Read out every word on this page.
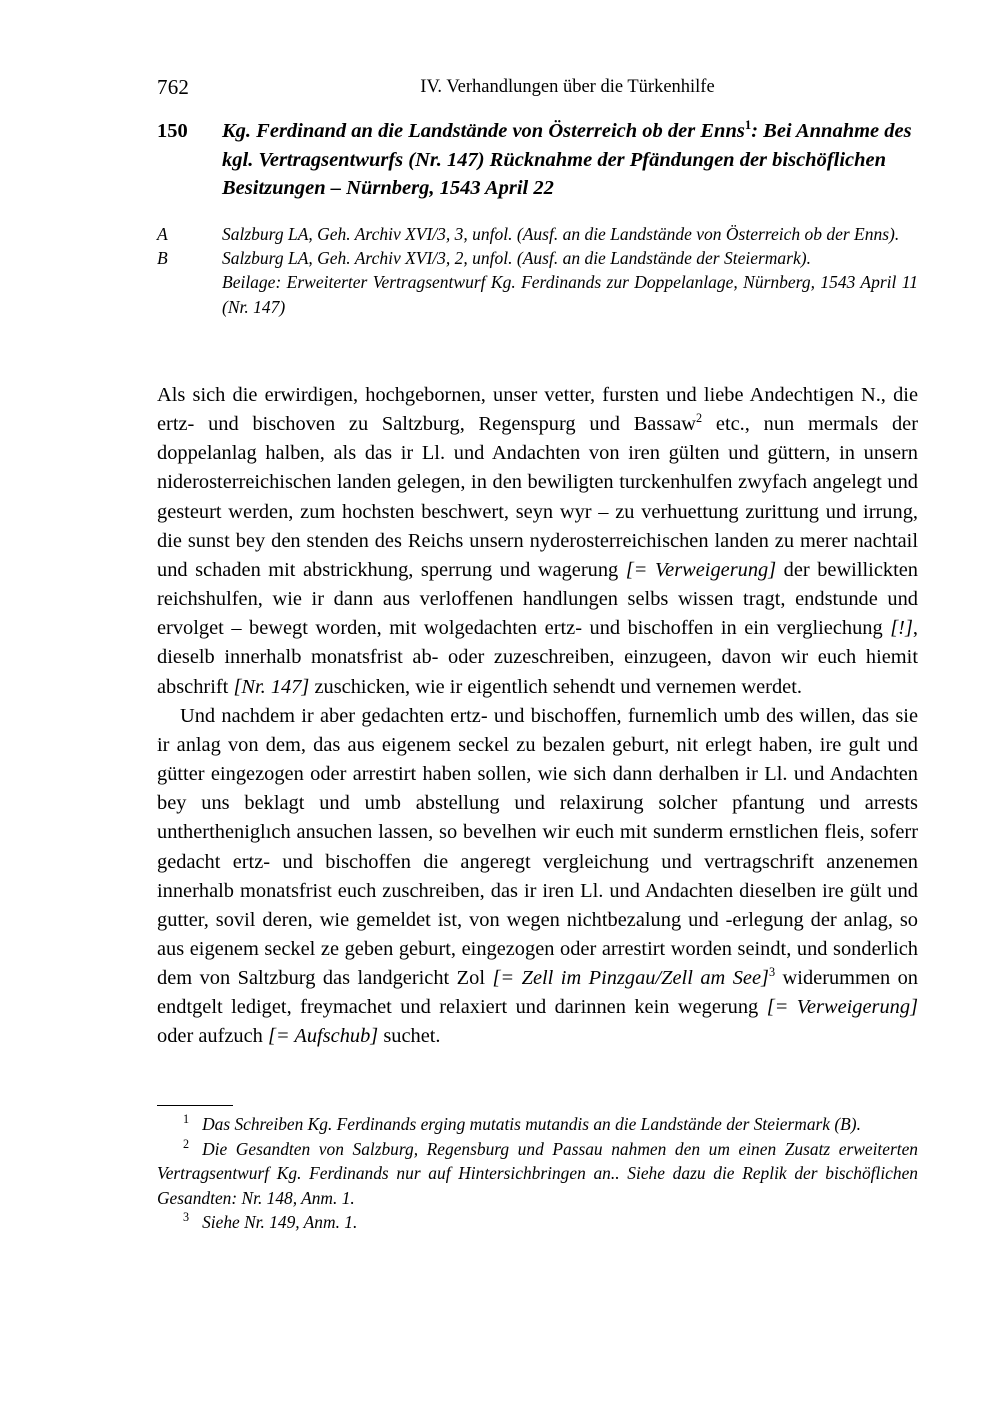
762	IV. Verhandlungen über die Türkenhilfe
150 Kg. Ferdinand an die Landstände von Österreich ob der Enns$^1$: Bei Annahme des kgl. Vertragsentwurfs (Nr. 147) Rücknahme der Pfändungen der bischöflichen Besitzungen – Nürnberg, 1543 April 22
A	Salzburg LA, Geh. Archiv XVI/3, 3, unfol. (Ausf. an die Landstände von Österreich ob der Enns).
B	Salzburg LA, Geh. Archiv XVI/3, 2, unfol. (Ausf. an die Landstände der Steiermark).
Beilage: Erweiterter Vertragsentwurf Kg. Ferdinands zur Doppelanlage, Nürnberg, 1543 April 11 (Nr. 147)

Als sich die erwirdigen, hochgebornen, unser vetter, fursten und liebe Andechtigen N., die ertz- und bischoven zu Saltzburg, Regenspurg und Bassaw$^2$ etc., nun mermals der doppelanlag halben, als das ir Ll. und Andachten von iren gülten und güttern, in unsern niderosterreichischen landen gelegen, in den bewiligten turckenhulfen zwyfach angelegt und gesteurt werden, zum hochsten beschwert, seyn wyr – zu verhuettung zurittung und irrung, die sunst bey den stenden des Reichs unsern nyderosterreichischen landen zu merer nachtail und schaden mit abstrickhung, sperrung und wagerung [= Verweigerung] der bewillickten reichshulfen, wie ir dann aus verloffenen handlungen selbs wissen tragt, endstunde und ervolget – bewegt worden, mit wolgedachten ertz- und bischoffen in ein vergliechung [!], dieselb innerhalb monatsfrist ab- oder zuzeschreiben, einzugeen, davon wir euch hiemit abschrift [Nr. 147] zuschicken, wie ir eigentlich sehendt und vernemen werdet.

Und nachdem ir aber gedachten ertz- und bischoffen, furnemlich umb des willen, das sie ir anlag von dem, das aus eigenem seckel zu bezalen geburt, nit erlegt haben, ire gult und gütter eingezogen oder arrestirt haben sollen, wie sich dann derhalben ir Ll. und Andachten bey uns beklagt und umb abstellung und relaxirung solcher pfantung und arrests unthertheniglıch ansuchen lassen, so bevelhen wir euch mit sunderm ernstlichen fleis, soferr gedacht ertz- und bischoffen die angeregt vergleichung und vertragschrift anzenemen innerhalb monatsfrist euch zuschreiben, das ir iren Ll. und Andachten dieselben ire gült und gutter, sovil deren, wie gemeldet ist, von wegen nichtbezalung und -erlegung der anlag, so aus eigenem seckel ze geben geburt, eingezogen oder arrestirt worden seindt, und sonderlich dem von Saltzburg das landgericht Zol [= Zell im Pinzgau/Zell am See]$^3$ widerummen on endtgelt lediget, freymachet und relaxiert und darinnen kein wegerung [= Verweigerung] oder aufzuch [= Aufschub] suchet.

$^1$ Das Schreiben Kg. Ferdinands erging mutatis mutandis an die Landstände der Steiermark (B).

$^2$ Die Gesandten von Salzburg, Regensburg und Passau nahmen den um einen Zusatz erweiterten Vertragsentwurf Kg. Ferdinands nur auf Hintersichbringen an.. Siehe dazu die Replik der bischöflichen Gesandten: Nr. 148, Anm. 1.

$^3$ Siehe Nr. 149, Anm. 1.
